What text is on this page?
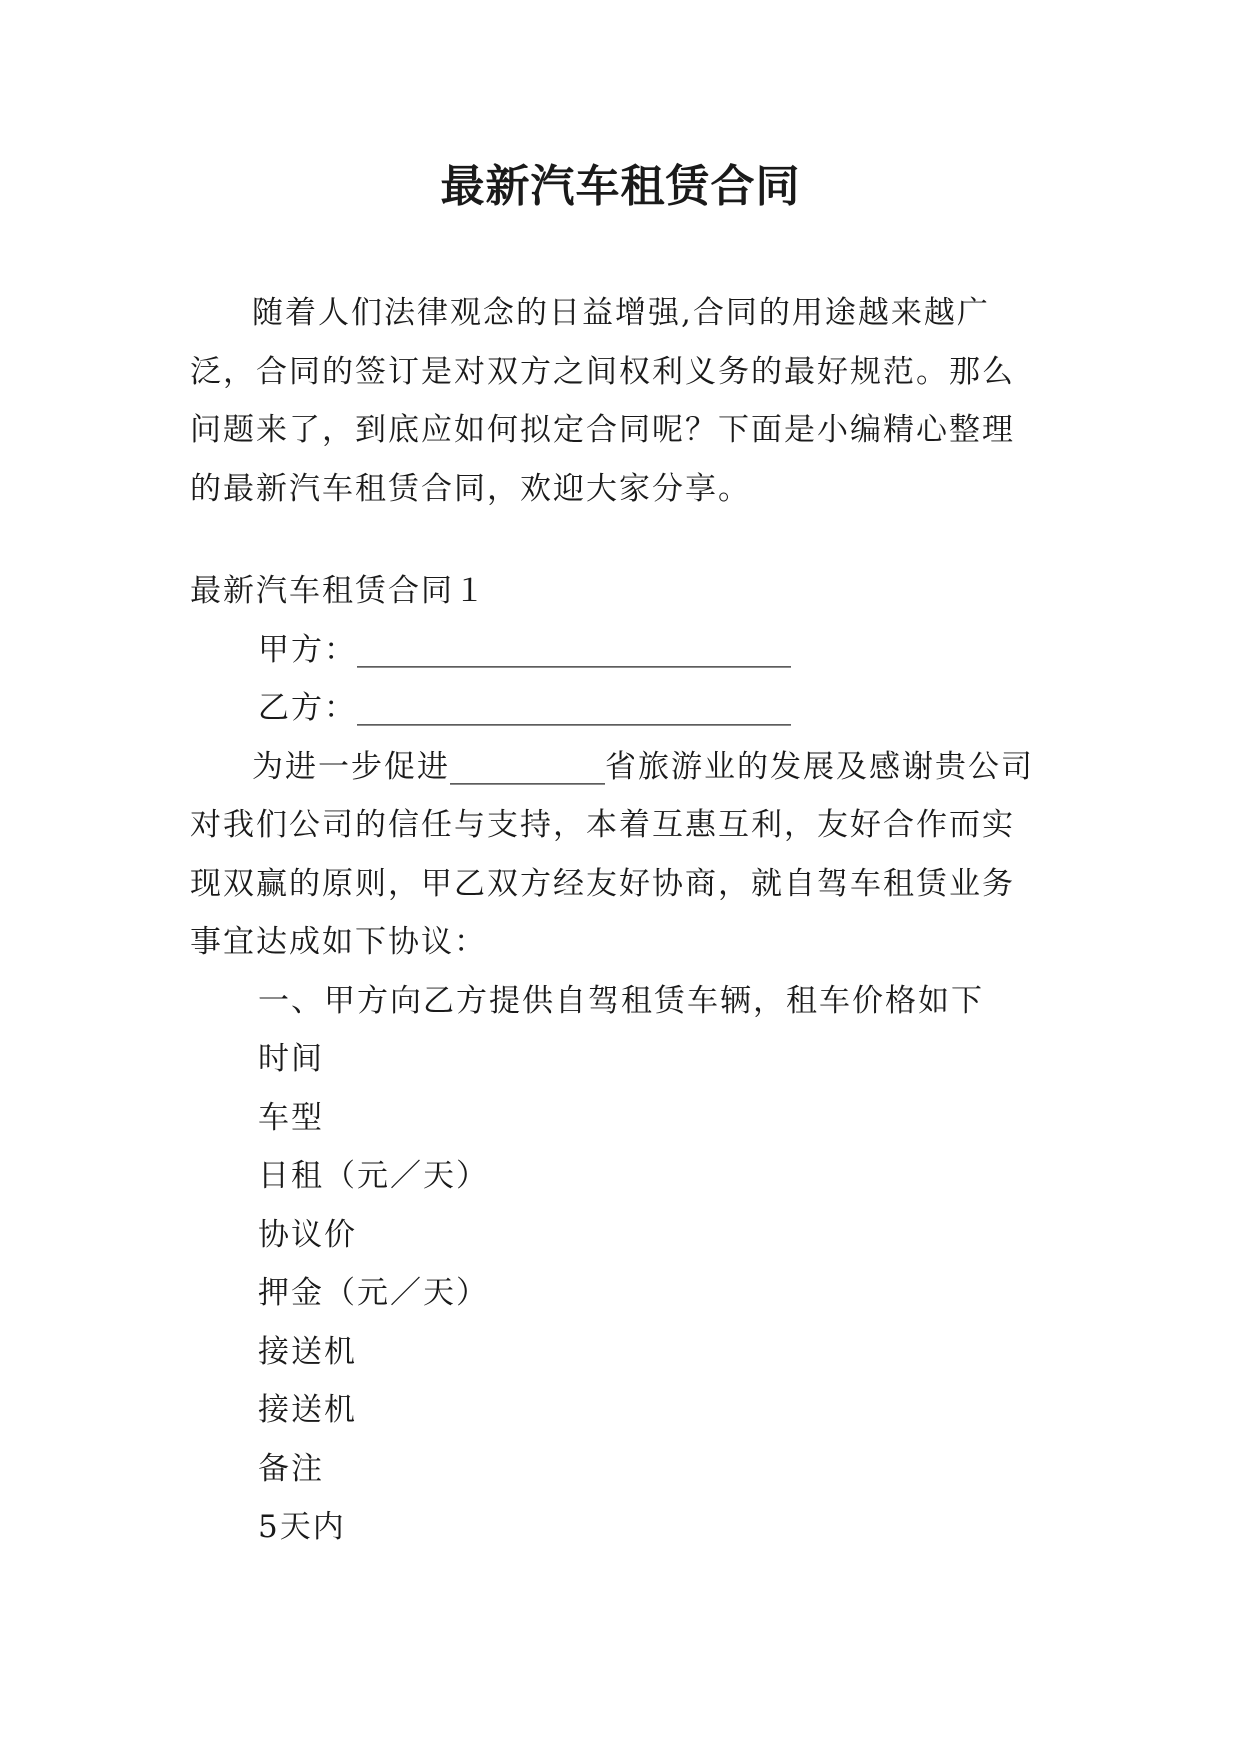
最新汽车租赁合同

随着人们法律观念的日益增强,合同的用途越来越广泛，合同的签订是对双方之间权利义务的最好规范。那么问题来了，到底应如何拟定合同呢？下面是小编精心整理的最新汽车租赁合同，欢迎大家分享。

最新汽车租赁合同１

甲方：____________________________

乙方：____________________________

为进一步促进__________省旅游业的发展及感谢贵公司对我们公司的信任与支持，本着互惠互利，友好合作而实现双赢的原则，甲乙双方经友好协商，就自驾车租赁业务事宜达成如下协议：

一、甲方向乙方提供自驾租赁车辆，租车价格如下

时间

车型

日租（元／天）

协议价

押金（元／天）

接送机

接送机

备注

5天内
